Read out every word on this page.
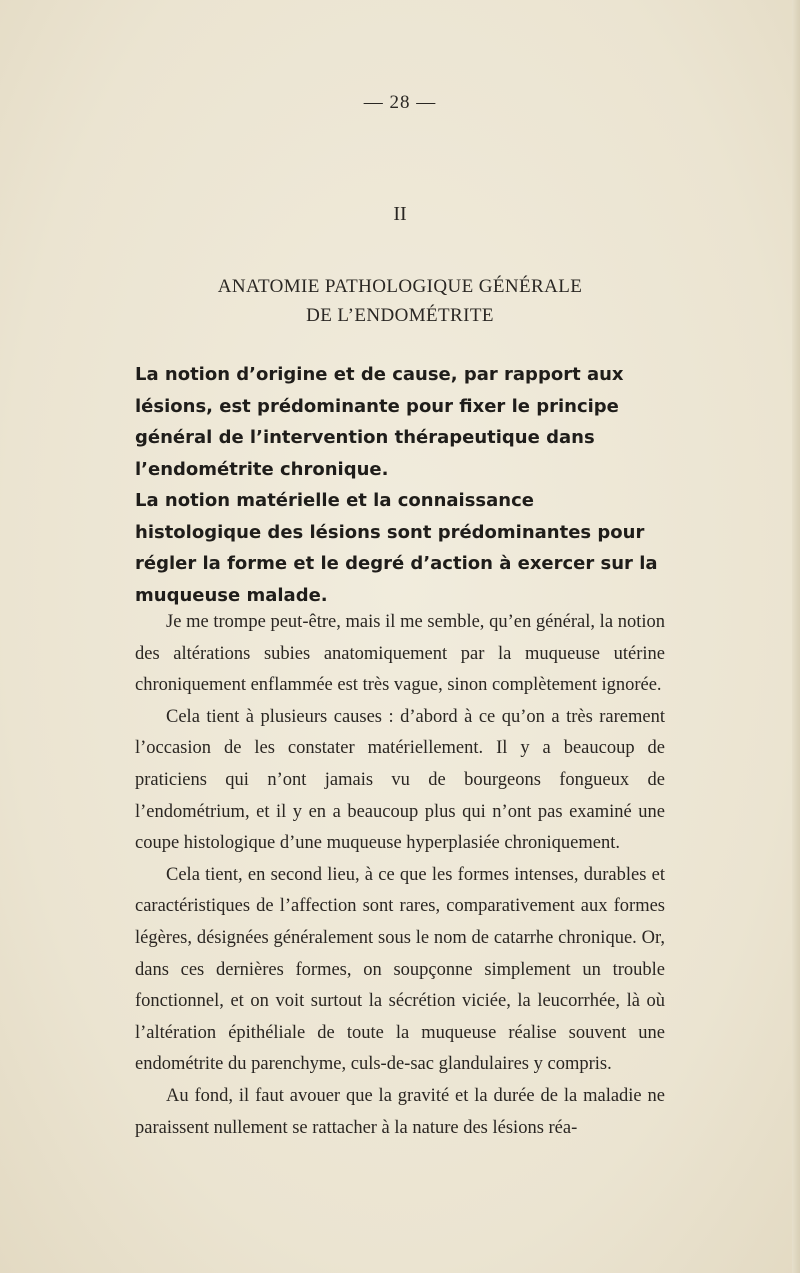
— 28 —
II
ANATOMIE PATHOLOGIQUE GÉNÉRALE
DE L’ENDOMÉTRITE

La notion d’origine et de cause, par rapport aux lésions, est prédominante pour fixer le principe général de l’intervention thérapeutique dans l’endométrite chronique.

La notion matérielle et la connaissance histologique des lésions sont prédominantes pour régler la forme et le degré d’action à exercer sur la muqueuse malade.

Je me trompe peut-être, mais il me semble, qu’en général, la notion des altérations subies anatomiquement par la muqueuse utérine chroniquement enflammée est très vague, sinon complètement ignorée.

Cela tient à plusieurs causes : d’abord à ce qu’on a très rarement l’occasion de les constater matériellement. Il y a beaucoup de praticiens qui n’ont jamais vu de bourgeons fongueux de l’endométrium, et il y en a beaucoup plus qui n’ont pas examiné une coupe histologique d’une muqueuse hyperplasiée chroniquement.

Cela tient, en second lieu, à ce que les formes intenses, durables et caractéristiques de l’affection sont rares, comparativement aux formes légères, désignées généralement sous le nom de catarrhe chronique. Or, dans ces dernières formes, on soupçonne simplement un trouble fonctionnel, et on voit surtout la sécrétion viciée, la leucorrhée, là où l’altération épithéliale de toute la muqueuse réalise souvent une endométrite du parenchyme, culs-de-sac glandulaires y compris.

Au fond, il faut avouer que la gravité et la durée de la maladie ne paraissent nullement se rattacher à la nature des lésions réa-
